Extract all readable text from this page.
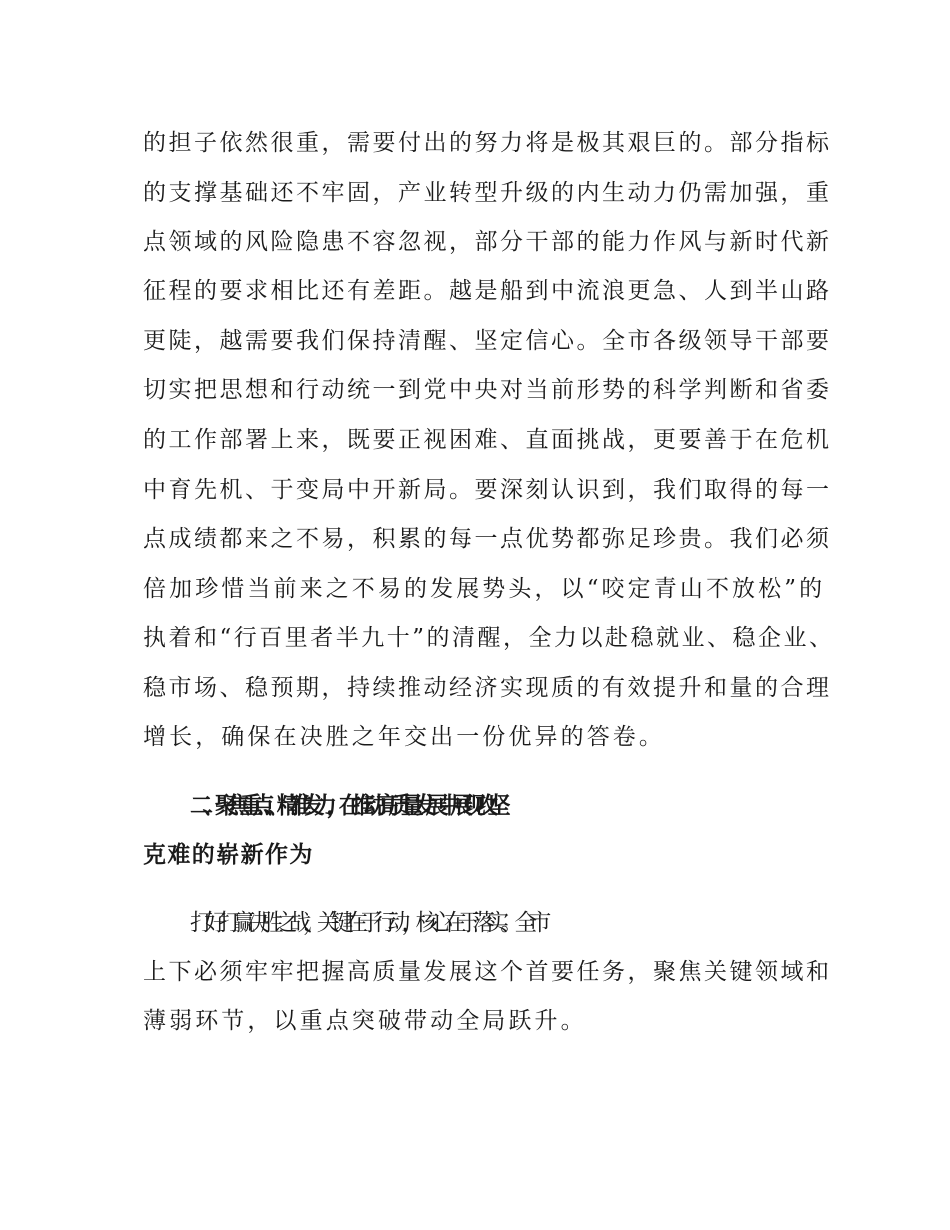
的担子依然很重，需要付出的努力将是极其艰巨的。部分指标
的支撑基础还不牢固，产业转型升级的内生动力仍需加强，重
点领域的风险隐患不容忽视，部分干部的能力作风与新时代新
征程的要求相比还有差距。越是船到中流浪更急、人到半山路
更陡，越需要我们保持清醒、坚定信心。全市各级领导干部要
切实把思想和行动统一到党中央对当前形势的科学判断和省委
的工作部署上来，既要正视困难、直面挑战，更要善于在危机
中育先机、于变局中开新局。要深刻认识到，我们取得的每一
点成绩都来之不易，积累的每一点优势都弥足珍贵。我们必须
倍加珍惜当前来之不易的发展势头，以“咬定青山不放松”的
执着和“行百里者半九十”的清醒，全力以赴稳就业、稳企业、
稳市场、稳预期，持续推动经济实现质的有效提升和量的合理
增长，确保在决胜之年交出一份优异的答卷。
二、聚焦重点、精准发力，在推动高质量发展中展现攻坚
克难的崭新作为
打好打赢决胜之战，关键在于行动，核心在于落实。全市
上下必须牢牢把握高质量发展这个首要任务，聚焦关键领域和
薄弱环节，以重点突破带动全局跃升。
